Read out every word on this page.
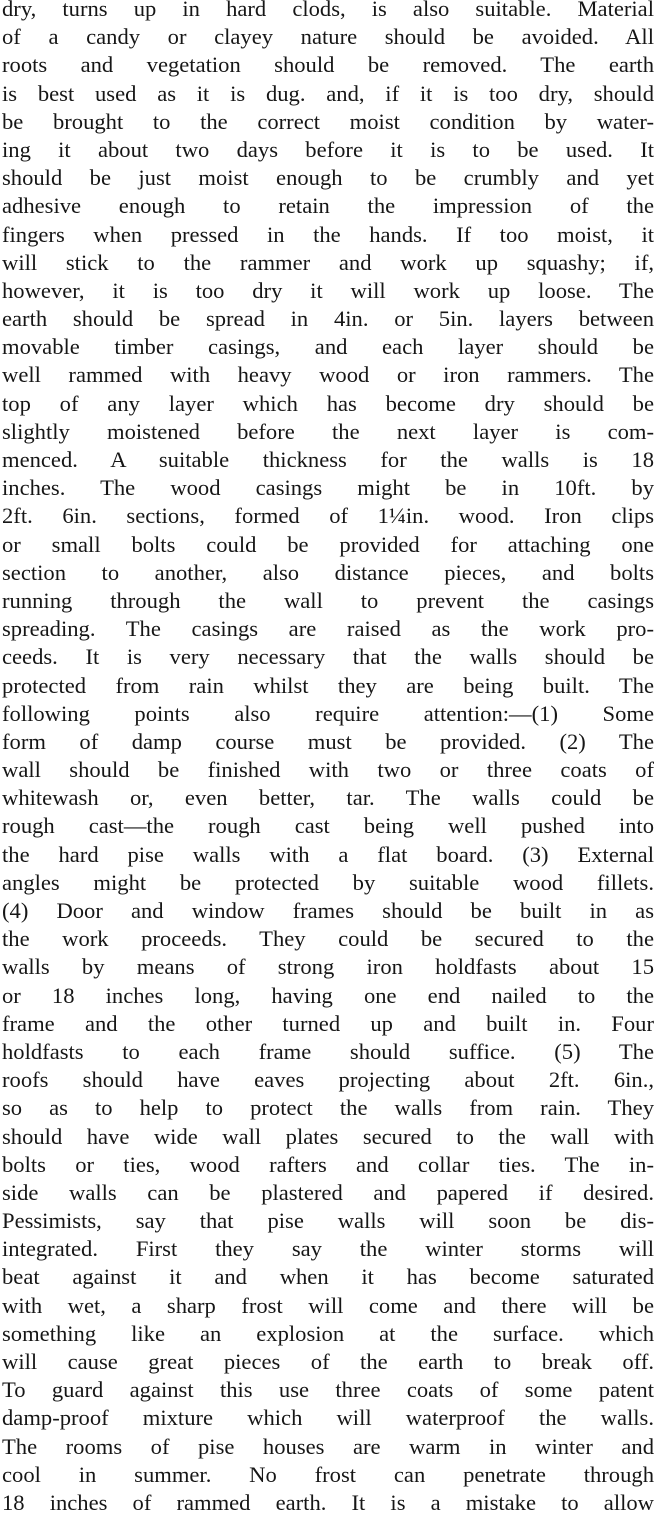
dry, turns up in hard clods, is also suitable. Material
of a candy or clayey nature should be avoided. All
roots and vegetation should be removed. The earth
is best used as it is dug. and, if it is too dry, should
be brought to the correct moist condition by water-
ing it about two days before it is to be used. It
should be just moist enough to be crumbly and yet
adhesive enough to retain the impression of the
fingers when pressed in the hands. If too moist, it
will stick to the rammer and work up squashy; if,
however, it is too dry it will work up loose. The
earth should be spread in 4in. or 5in. layers between
movable timber casings, and each layer should be
well rammed with heavy wood or iron rammers. The
top of any layer which has become dry should be
slightly moistened before the next layer is com-
menced. A suitable thickness for the walls is 18
inches. The wood casings might be in 10ft. by
2ft. 6in. sections, formed of 1¼in. wood. Iron clips
or small bolts could be provided for attaching one
section to another, also distance pieces, and bolts
running through the wall to prevent the casings
spreading. The casings are raised as the work pro-
ceeds. It is very necessary that the walls should be
protected from rain whilst they are being built. The
following points also require attention:—(1) Some
form of damp course must be provided. (2) The
wall should be finished with two or three coats of
whitewash or, even better, tar. The walls could be
rough cast—the rough cast being well pushed into
the hard pise walls with a flat board. (3) External
angles might be protected by suitable wood fillets.
(4) Door and window frames should be built in as
the work proceeds. They could be secured to the
walls by means of strong iron holdfasts about 15
or 18 inches long, having one end nailed to the
frame and the other turned up and built in. Four
holdfasts to each frame should suffice. (5) The
roofs should have eaves projecting about 2ft. 6in.,
so as to help to protect the walls from rain. They
should have wide wall plates secured to the wall with
bolts or ties, wood rafters and collar ties. The in-
side walls can be plastered and papered if desired.
Pessimists, say that pise walls will soon be dis-
integrated. First they say the winter storms will
beat against it and when it has become saturated
with wet, a sharp frost will come and there will be
something like an explosion at the surface. which
will cause great pieces of the earth to break off.
To guard against this use three coats of some patent
damp-proof mixture which will waterproof the walls.
The rooms of pise houses are warm in winter and
cool in summer. No frost can penetrate through
18 inches of rammed earth. It is a mistake to allow
